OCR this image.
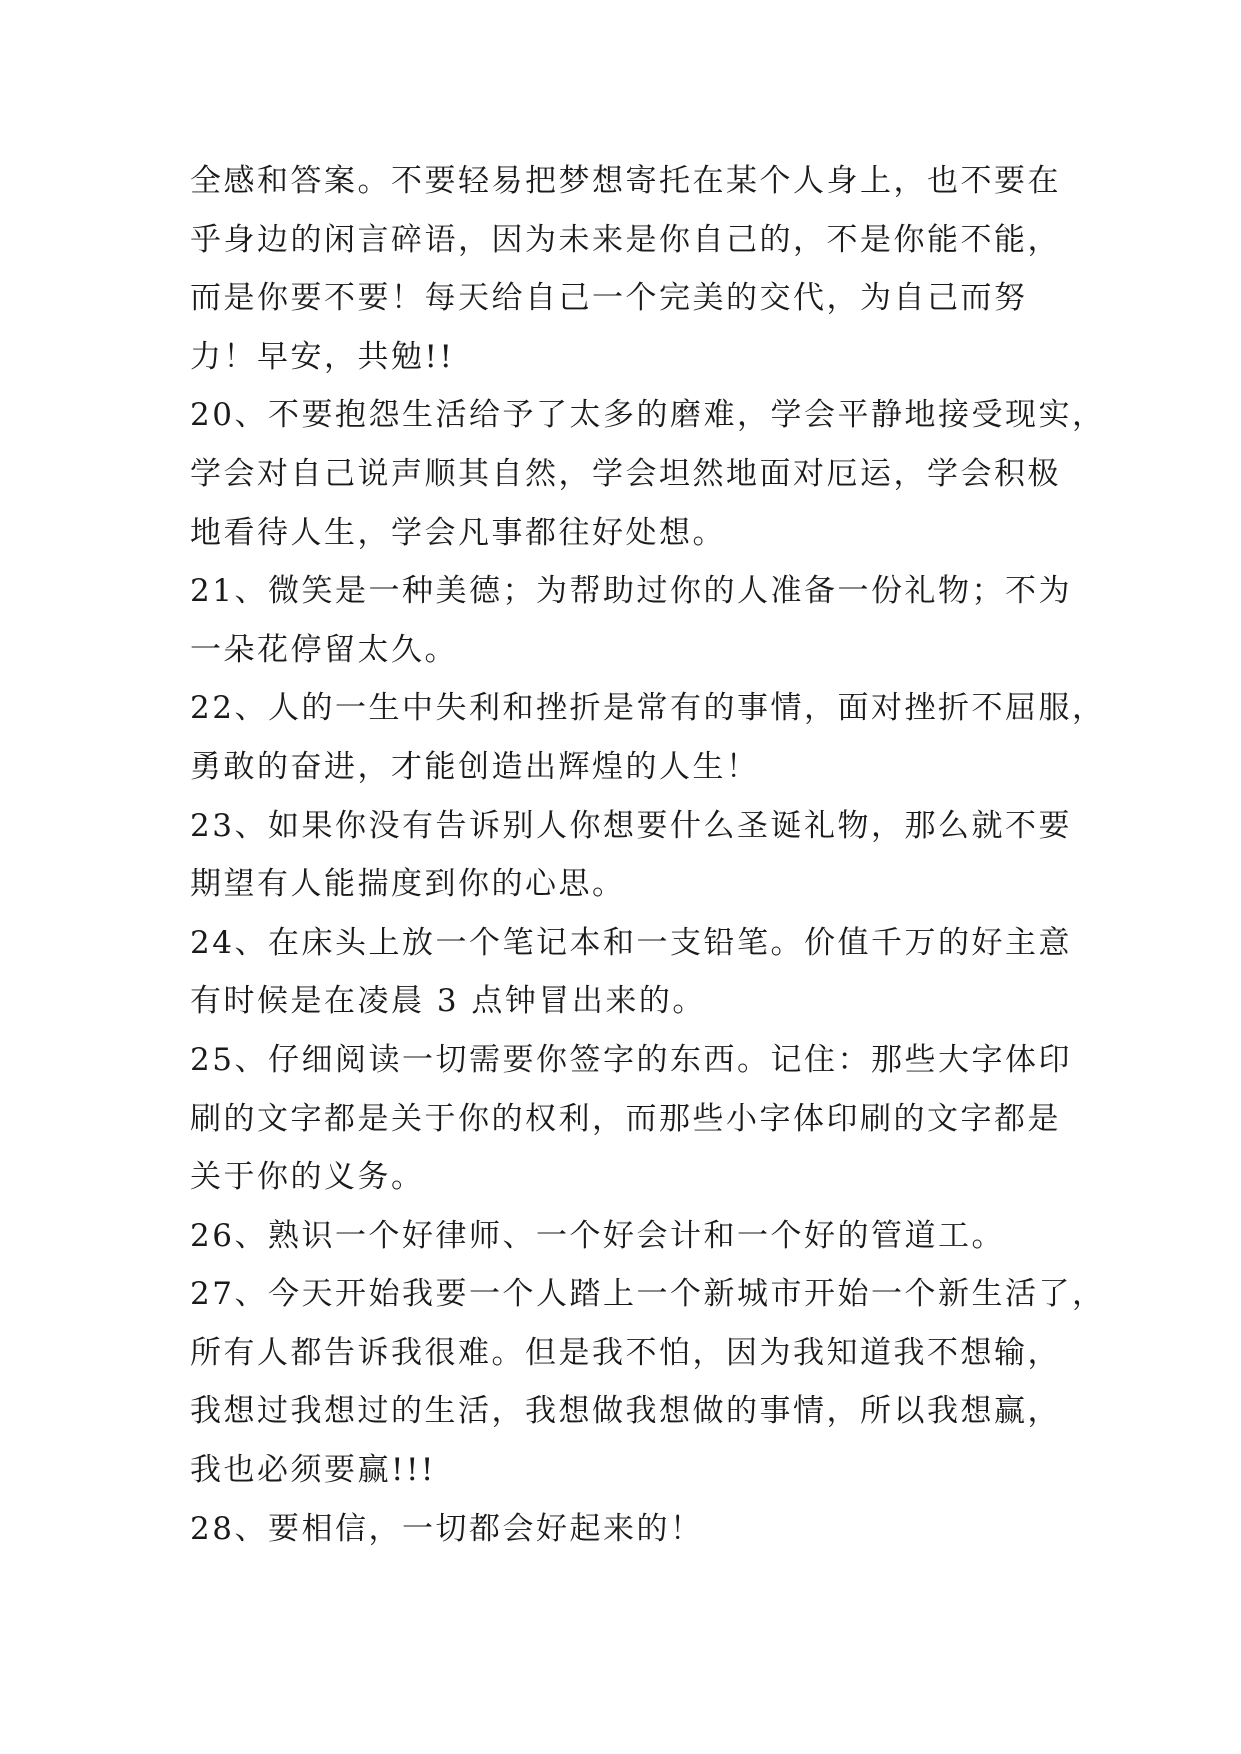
全感和答案。不要轻易把梦想寄托在某个人身上，也不要在
乎身边的闲言碎语，因为未来是你自己的，不是你能不能，
而是你要不要！每天给自己一个完美的交代，为自己而努
力！早安，共勉!!
20、不要抱怨生活给予了太多的磨难，学会平静地接受现实，
学会对自己说声顺其自然，学会坦然地面对厄运，学会积极
地看待人生，学会凡事都往好处想。
21、微笑是一种美德；为帮助过你的人准备一份礼物；不为
一朵花停留太久。
22、人的一生中失利和挫折是常有的事情，面对挫折不屈服，
勇敢的奋进，才能创造出辉煌的人生！
23、如果你没有告诉别人你想要什么圣诞礼物，那么就不要
期望有人能揣度到你的心思。
24、在床头上放一个笔记本和一支铅笔。价值千万的好主意
有时候是在凌晨 3 点钟冒出来的。
25、仔细阅读一切需要你签字的东西。记住：那些大字体印
刷的文字都是关于你的权利，而那些小字体印刷的文字都是
关于你的义务。
26、熟识一个好律师、一个好会计和一个好的管道工。
27、今天开始我要一个人踏上一个新城市开始一个新生活了，
所有人都告诉我很难。但是我不怕，因为我知道我不想输，
我想过我想过的生活，我想做我想做的事情，所以我想赢，
我也必须要赢!!!
28、要相信，一切都会好起来的！
